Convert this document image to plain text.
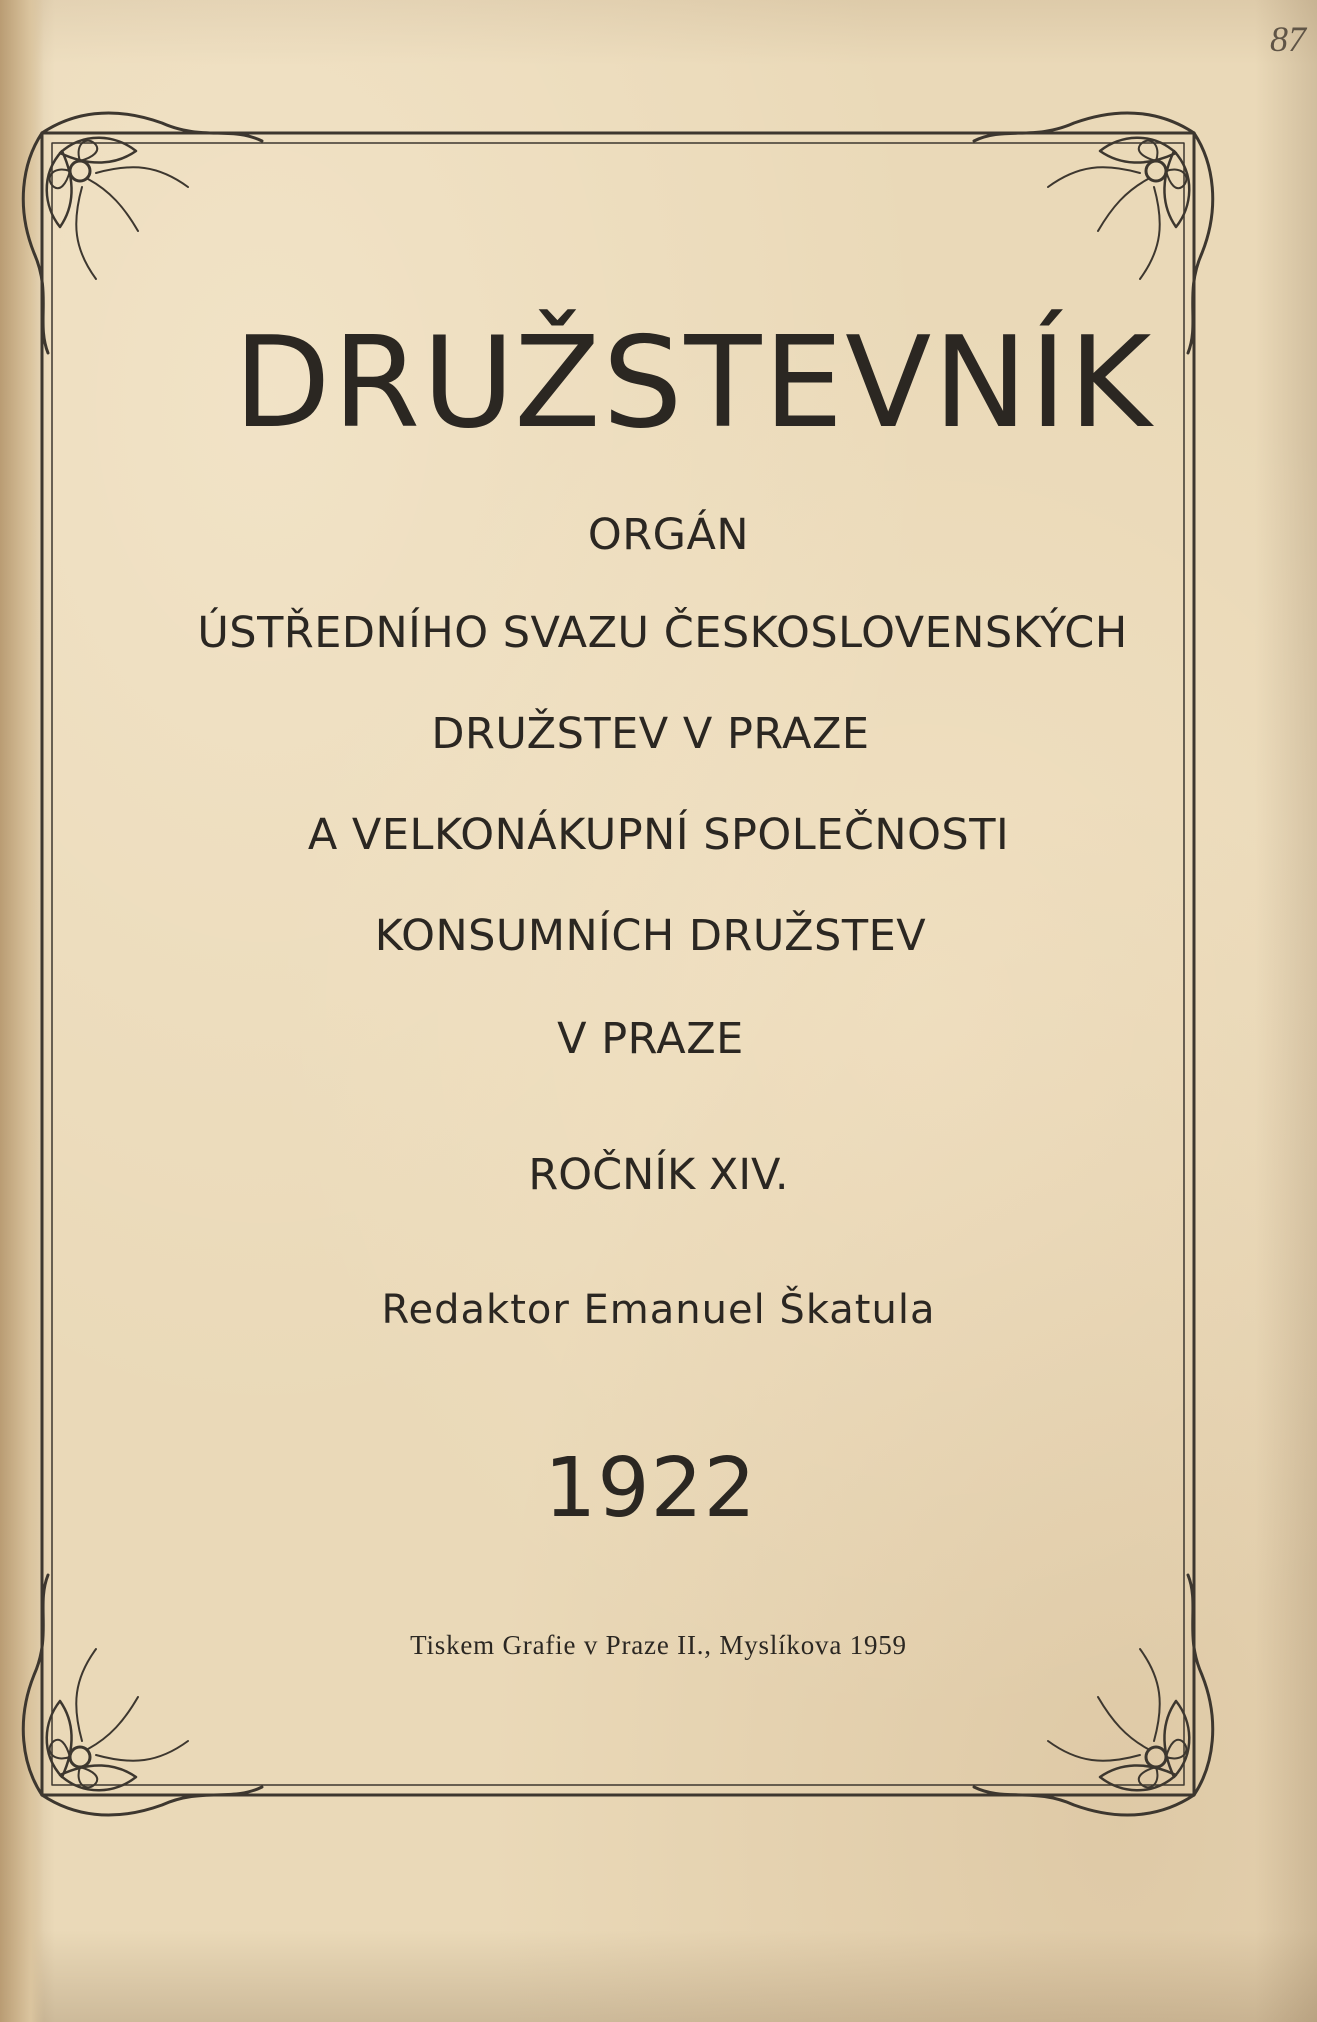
87
DRUŽSTEVNÍK
ORGÁN
ÚSTŘEDNÍHO SVAZU ČESKOSLOVENSKÝCH
DRUŽSTEV V PRAZE
A VELKONÁKUPNÍ SPOLEČNOSTI
KONSUMNÍCH DRUŽSTEV
V PRAZE
ROČNÍK XIV.
Redaktor Emanuel Škatula
1922
Tiskem Grafie v Praze II., Myslíkova 1959
